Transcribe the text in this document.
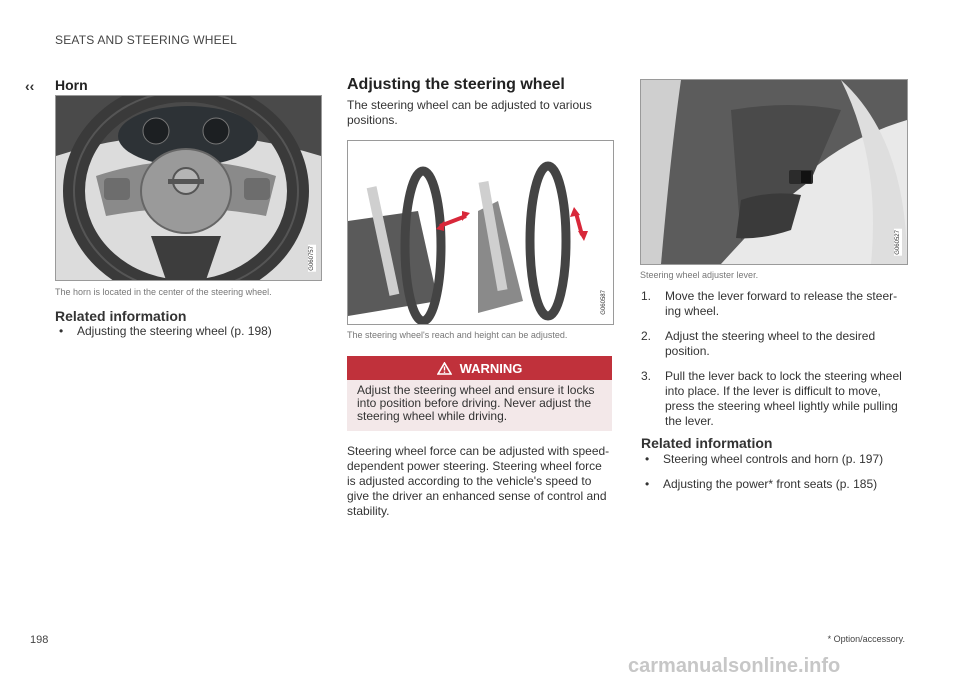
SEATS AND STEERING WHEEL
‹‹ Horn
G060757
The horn is located in the center of the steering wheel.
Related information
• Adjusting the steering wheel (p. 198)
Adjusting the steering wheel

The steering wheel can be adjusted to various positions.

G060587
The steering wheel's reach and height can be adjusted.
WARNING
Adjust the steering wheel and ensure it locks into position before driving. Never adjust the steering wheel while driving.

Steering wheel force can be adjusted with speed-dependent power steering. Steering wheel force is adjusted according to the vehicle's speed to give the driver an enhanced sense of control and stability.

G060527
Steering wheel adjuster lever.
1. Move the lever forward to release the steer-ing wheel.
2. Adjust the steering wheel to the desired position.
3. Pull the lever back to lock the steering wheel into place. If the lever is difficult to move, press the steering wheel lightly while pulling the lever.
Related information
• Steering wheel controls and horn (p. 197)
• Adjusting the power* front seats (p. 185)
198	* Option/accessory.
carmanualsonline.info
